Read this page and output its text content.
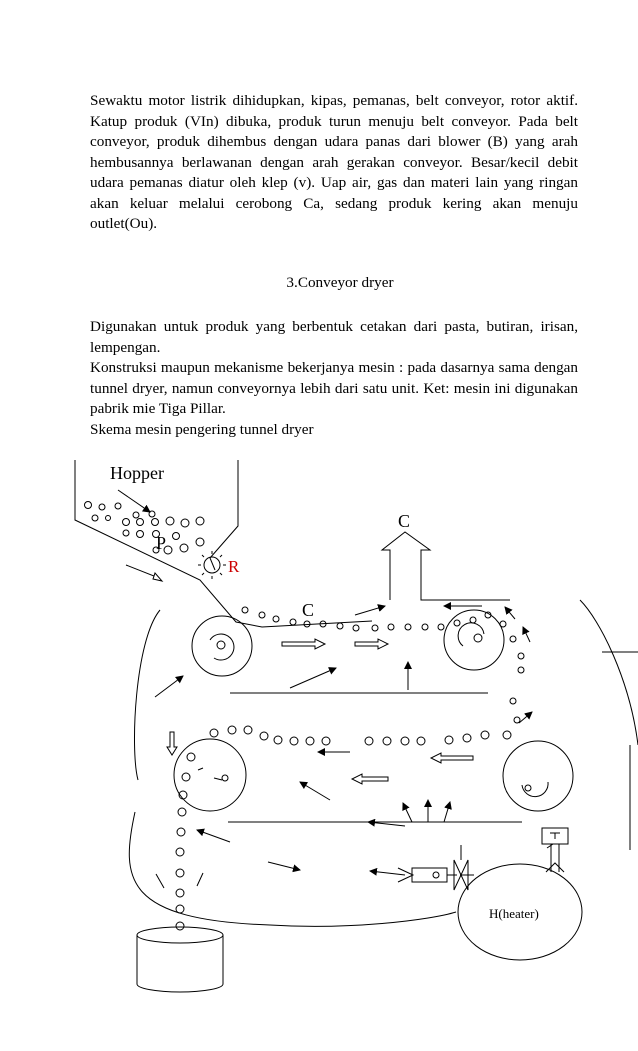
Sewaktu motor listrik dihidupkan, kipas, pemanas, belt conveyor, rotor aktif. Katup produk (VIn) dibuka, produk turun menuju belt conveyor. Pada belt conveyor, produk dihembus dengan udara panas dari blower (B) yang arah hembusannya berlawanan dengan arah gerakan conveyor. Besar/kecil debit udara pemanas diatur oleh klep (v). Uap air, gas dan materi lain yang ringan akan keluar melalui cerobong Ca, sedang produk kering akan menuju outlet(Ou).

3.Conveyor dryer

Digunakan untuk produk yang berbentuk cetakan dari pasta, butiran, irisan, lempengan.

Konstruksi maupun mekanisme bekerjanya mesin : pada dasarnya sama dengan tunnel dryer, namun conveyornya lebih dari satu unit. Ket: mesin ini digunakan pabrik mie Tiga Pillar.

Skema mesin pengering tunnel dryer

Hopper
C
P
R
C
H(heater)
